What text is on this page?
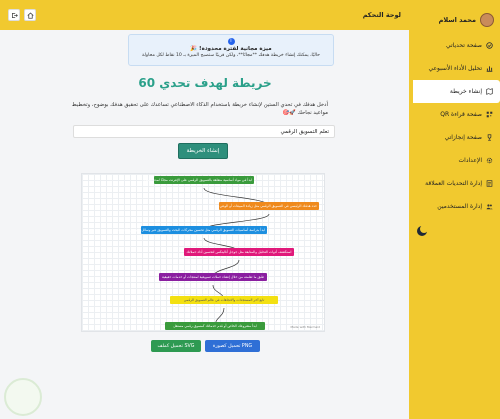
محمد اسلام
صفحة تحدياتي
تحليل الأداء الأسبوعي
إنشاء خريطة
صفحة قراءة QR
صفحة إنجازاتي
الإعدادات
إدارة التحديات العملاقة
إدارة المستخدمين
لوحة التحكم
i
ميزة مجانية لفترة محدودة! 🎉
حاليًا، يمكنك إنشاء خريطة هدفك **مجانًا**، ولكن قريبًا ستصبح الميزة بـ 10 نقاط لكل محاولة
خريطة لهدف تحدي 60

أدخل هدفك في تحدي الستين لإنشاء خريطة باستخدام الذكاء الاصطناعي تساعدك على تحقيق هدفك بوضوح، وتخطيط مواعيد نجاحك 🚀🎯

تعلم التسويق الرقمي
إنشاء الخريطة
Made with Mermaid
ابدأ في مواد أساسية متعلقة بالتسويق الرقمي على الإنترنت مجانًا لمدة أسبوع
حدد هدفك الرئيسي في التسويق الرقمي مثل زيادة المبيعات أو الوعي
ابدأ بدراسة أساسيات التسويق الرقمي مثل تحسين محركات البحث والتسويق عبر وسائل التواصل الاجتماعي
استكشف أدوات التحليل والمتابعة مثل جوجل أناليتكس لتحسين أداء حملاتك
طبق ما تعلمته من خلال إنشاء حملات تسويقية لمنتجات أو خدمات حقيقية
تابع آخر المستجدات والاتجاهات في عالم التسويق الرقمي
ابدأ مشروعك الخاص أو قدم خدماتك كمسوق رقمي مستقل
تحميل كصورة PNG
تحميل كملف SVG
